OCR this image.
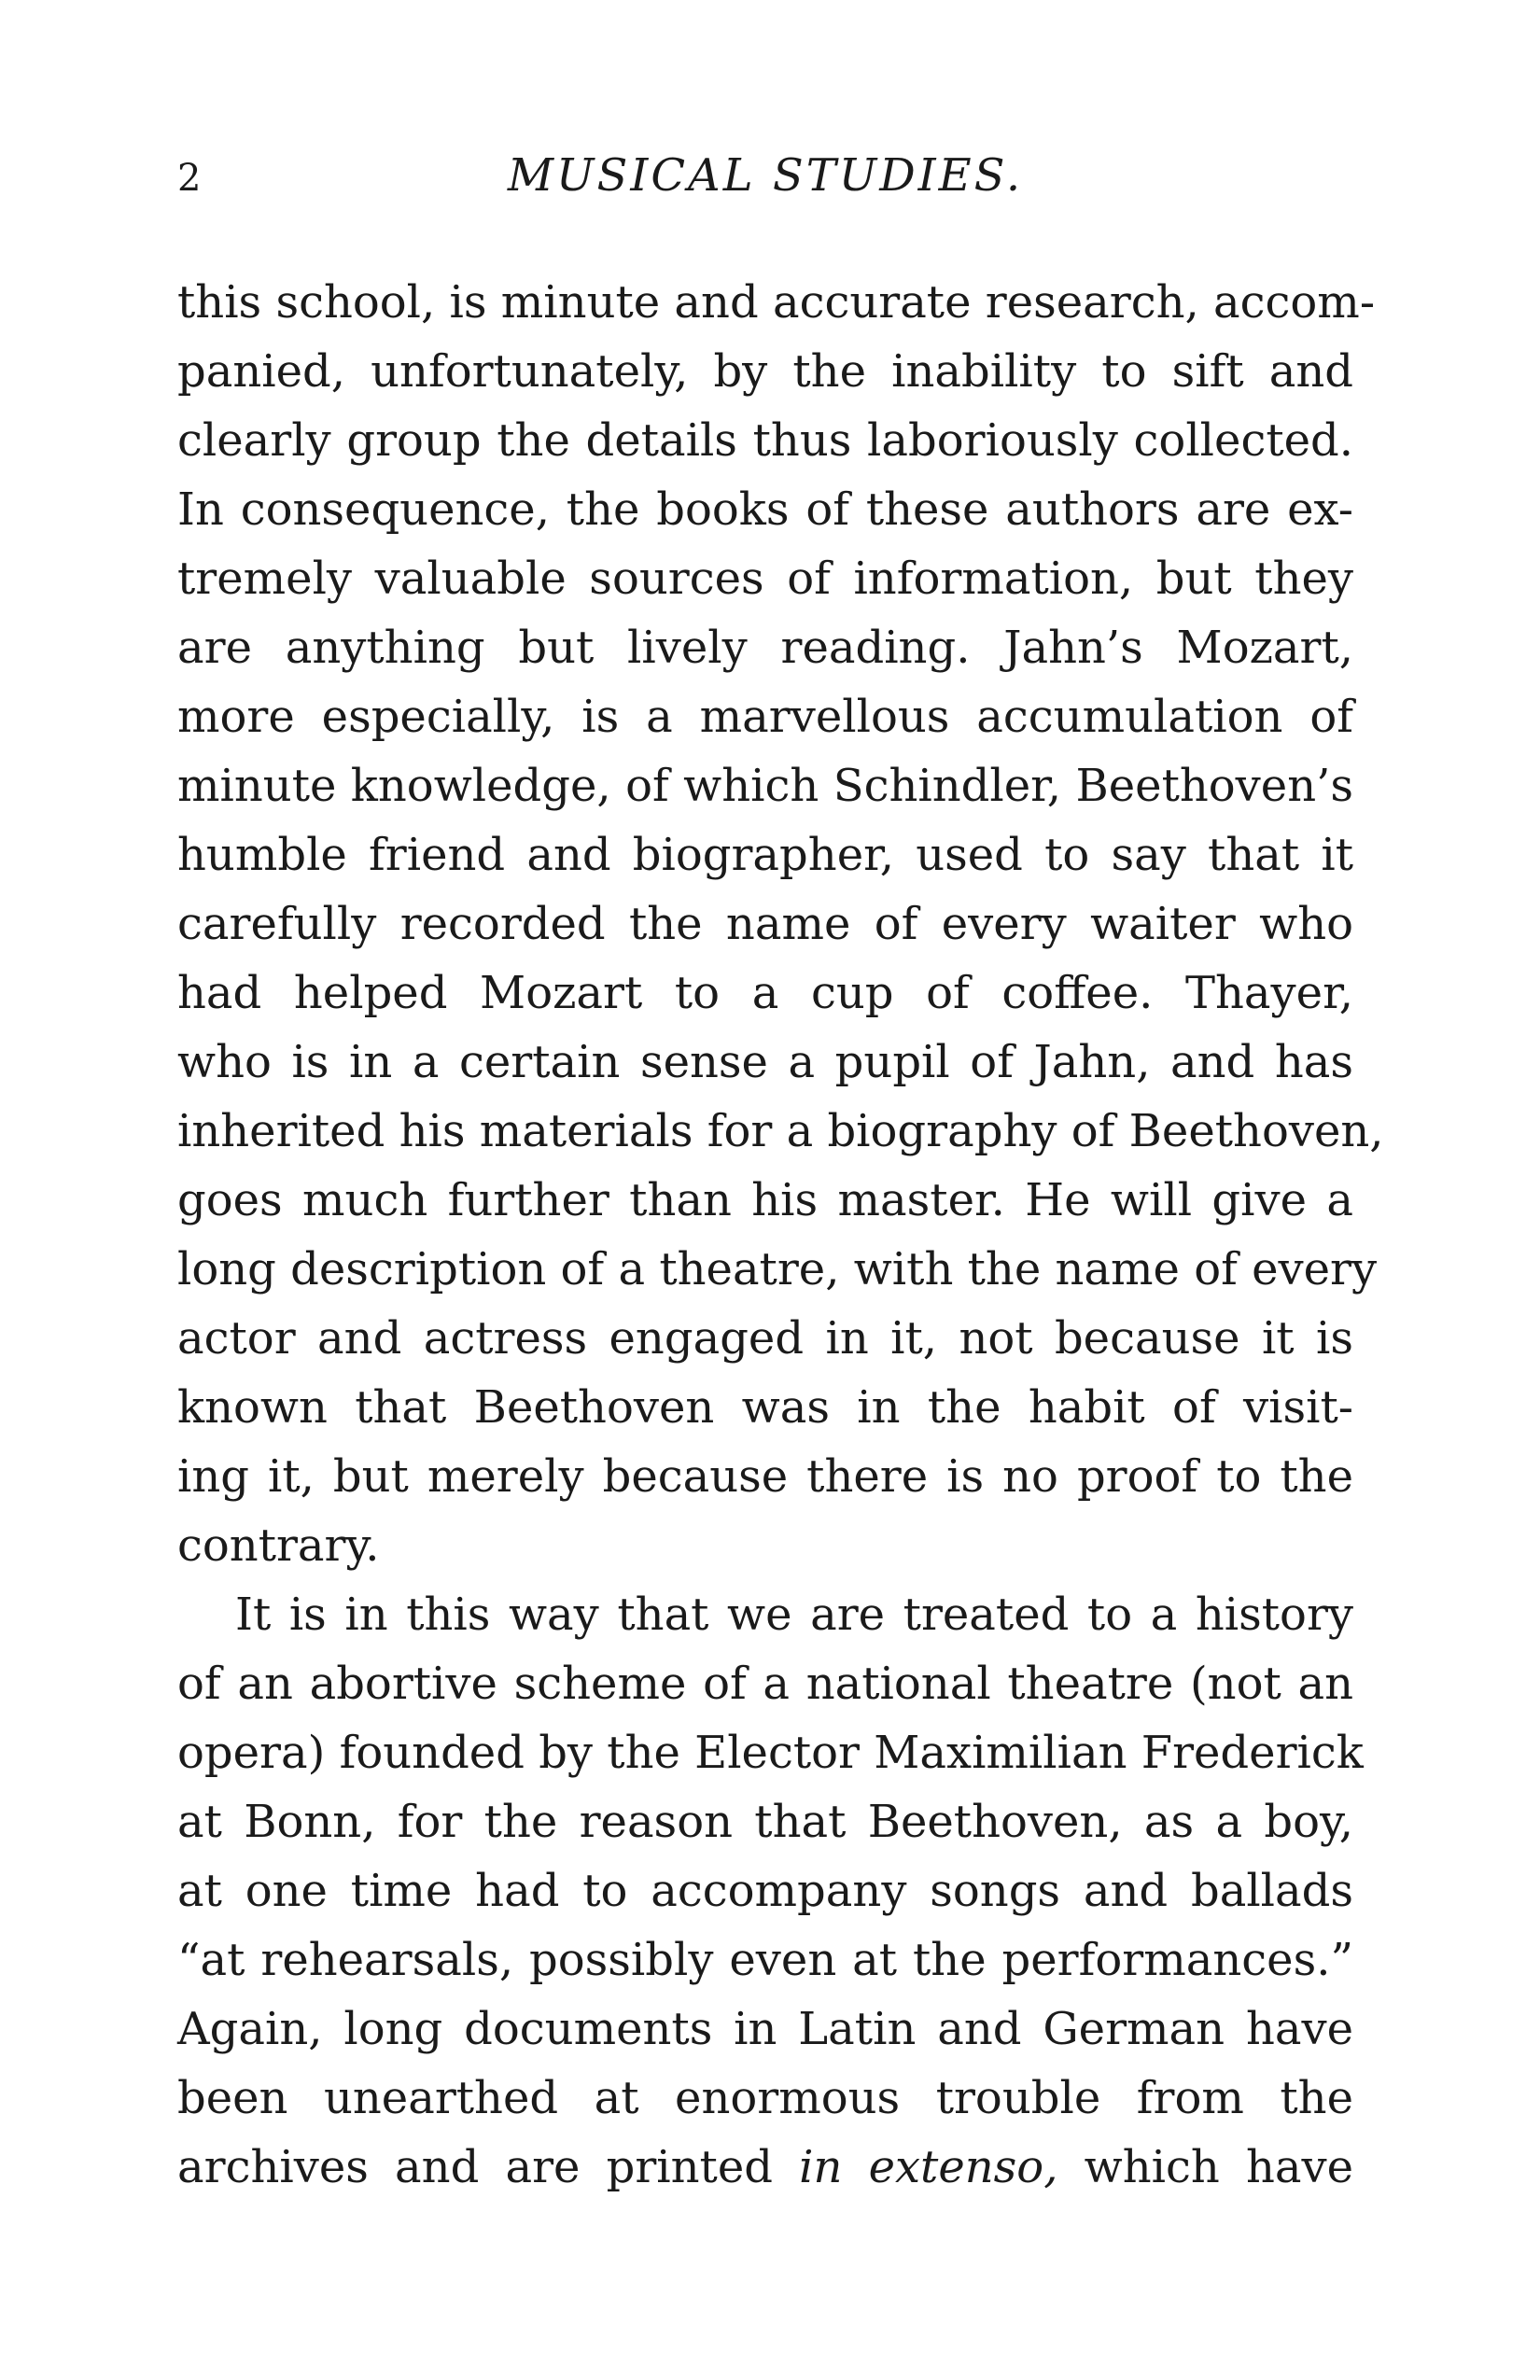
2	MUSICAL STUDIES.
this school, is minute and accurate research, accom-
panied, unfortunately, by the inability to sift and
clearly group the details thus laboriously collected.
In consequence, the books of these authors are ex-
tremely valuable sources of information, but they
are anything but lively reading. Jahn’s Mozart,
more especially, is a marvellous accumulation of
minute knowledge, of which Schindler, Beethoven’s
humble friend and biographer, used to say that it
carefully recorded the name of every waiter who
had helped Mozart to a cup of coffee. Thayer,
who is in a certain sense a pupil of Jahn, and has
inherited his materials for a biography of Beethoven,
goes much further than his master. He will give a
long description of a theatre, with the name of every
actor and actress engaged in it, not because it is
known that Beethoven was in the habit of visit-
ing it, but merely because there is no proof to the
contrary.
It is in this way that we are treated to a history
of an abortive scheme of a national theatre (not an
opera) founded by the Elector Maximilian Frederick
at Bonn, for the reason that Beethoven, as a boy,
at one time had to accompany songs and ballads
“at rehearsals, possibly even at the performances.”
Again, long documents in Latin and German have
been unearthed at enormous trouble from the
archives and are printed in extenso, which have
